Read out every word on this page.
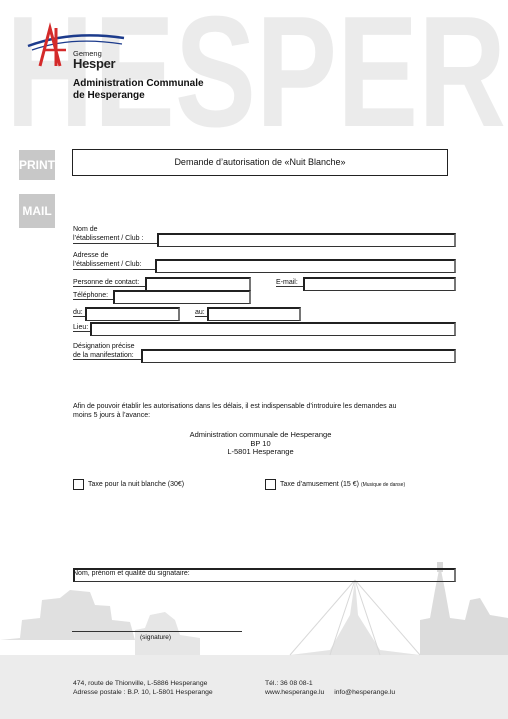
HESPER
Gemeng
Hesper
Administration Communale
de Hesperange
PRINT
MAIL
Demande d’autorisation de «Nuit Blanche»
Nom de
l’établissement / Club :
Adresse de
l’établissement / Club:
Personne de contact:	E-mail:
Téléphone:
du:	au:
Lieu:
Désignation précise
de la manifestation:
Afin de pouvoir établir les autorisations dans les délais, il est indispensable d’introduire les demandes au
moins 5 jours à l’avance:
Administration communale de Hesperange
BP 10
L-5801 Hesperange
Taxe pour la nuit blanche (30€)	Taxe d’amusement (15 €) (Musique de danse)
Nom, prénom et qualité du signataire:
(signature)
474, route de Thionville, L-5886 Hesperange
Adresse postale : B.P. 10, L-5801 Hesperange
Tél.: 36 08 08-1
www.hesperange.lu info@hesperange.lu
